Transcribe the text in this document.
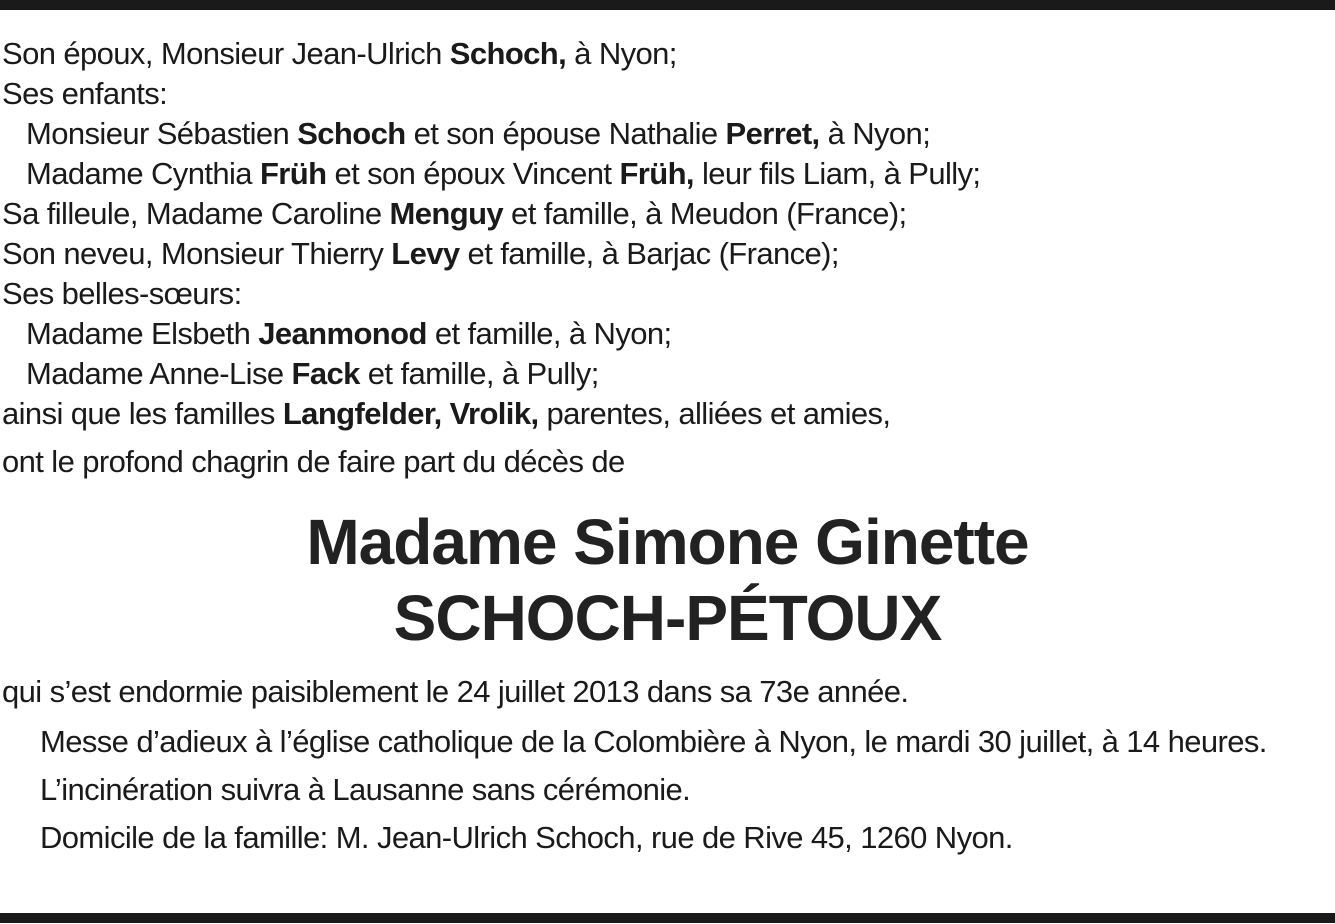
Son époux, Monsieur Jean-Ulrich Schoch, à Nyon;
Ses enfants:
Monsieur Sébastien Schoch et son épouse Nathalie Perret, à Nyon;
Madame Cynthia Früh et son époux Vincent Früh, leur fils Liam, à Pully;
Sa filleule, Madame Caroline Menguy et famille, à Meudon (France);
Son neveu, Monsieur Thierry Levy et famille, à Barjac (France);
Ses belles-sœurs:
Madame Elsbeth Jeanmonod et famille, à Nyon;
Madame Anne-Lise Fack et famille, à Pully;
ainsi que les familles Langfelder, Vrolik, parentes, alliées et amies,
ont le profond chagrin de faire part du décès de
Madame Simone Ginette
SCHOCH-PÉTOUX
qui s’est endormie paisiblement le 24 juillet 2013 dans sa 73e année.
Messe d’adieux à l’église catholique de la Colombière à Nyon, le mardi 30 juillet, à 14 heures.
L’incinération suivra à Lausanne sans cérémonie.
Domicile de la famille: M. Jean-Ulrich Schoch, rue de Rive 45, 1260 Nyon.
